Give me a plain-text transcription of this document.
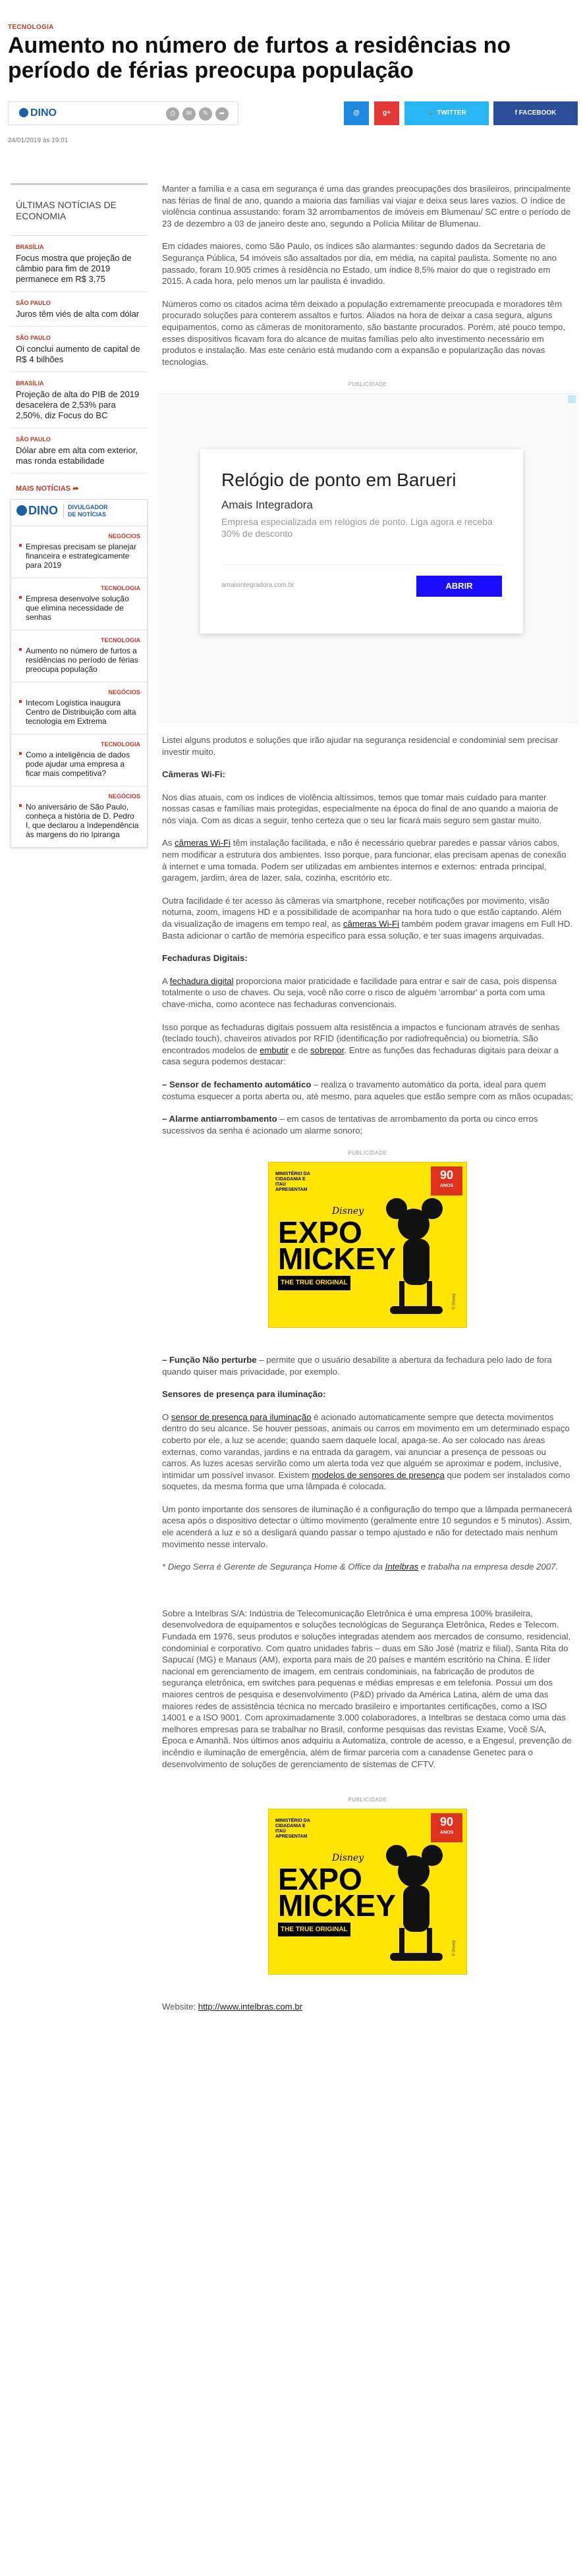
TECNOLOGIA
Aumento no número de furtos a residências no período de férias preocupa população
DINO	⎙	✉	✎	➦	@	g+	🐦 TWITTER	f FACEBOOK
24/01/2019 às 19:01
ÚLTIMAS NOTÍCIAS DE ECONOMIA
BRASÍLIA
Focus mostra que projeção de câmbio para fim de 2019 permanece em R$ 3,75
SÃO PAULO
Juros têm viés de alta com dólar
SÃO PAULO
Oi conclui aumento de capital de R$ 4 bilhões
BRASÍLIA
Projeção de alta do PIB de 2019 desacelera de 2,53% para 2,50%, diz Focus do BC
SÃO PAULO
Dólar abre em alta com exterior, mas ronda estabilidade
MAIS NOTÍCIAS ➦
DINO	DIVULGADOR DE NOTÍCIAS
NEGÓCIOS
Empresas precisam se planejar financeira e estrategicamente para 2019
TECNOLOGIA
Empresa desenvolve solução que elimina necessidade de senhas
TECNOLOGIA
Aumento no número de furtos a residências no período de férias preocupa população
NEGÓCIOS
Intecom Logística inaugura Centro de Distribuição com alta tecnologia em Extrema
TECNOLOGIA
Como a inteligência de dados pode ajudar uma empresa a ficar mais competitiva?
NEGÓCIOS
No aniversário de São Paulo, conheça a história de D. Pedro I, que declarou a Independência às margens do rio Ipiranga

Manter a família e a casa em segurança é uma das grandes preocupações dos brasileiros, principalmente nas férias de final de ano, quando a maioria das famílias vai viajar e deixa seus lares vazios. O índice de violência continua assustando: foram 32 arrombamentos de imóveis em Blumenau/ SC entre o período de 23 de dezembro a 03 de janeiro deste ano, segundo a Polícia Militar de Blumenau.

Em cidades maiores, como São Paulo, os índices são alarmantes: segundo dados da Secretaria de Segurança Pública, 54 imóveis são assaltados por dia, em média, na capital paulista. Somente no ano passado, foram 10.905 crimes à residência no Estado, um índice 8,5% maior do que o registrado em 2015. A cada hora, pelo menos um lar paulista é invadido.

Números como os citados acima têm deixado a população extremamente preocupada e moradores têm procurado soluções para conterem assaltos e furtos. Aliados na hora de deixar a casa segura, alguns equipamentos, como as câmeras de monitoramento, são bastante procurados. Porém, até pouco tempo, esses dispositivos ficavam fora do alcance de muitas famílias pelo alto investimento necessário em produtos e instalação. Mas este cenário está mudando com a expansão e popularização das novas tecnologias.

PUBLICIDADE
Relógio de ponto em Barueri
Amais Integradora
Empresa especializada em relógios de ponto. Liga agora e receba 30% de desconto
amaisintegradora.com.br	ABRIR

Listei alguns produtos e soluções que irão ajudar na segurança residencial e condominial sem precisar investir muito.

Câmeras Wi-Fi:

Nos dias atuais, com os índices de violência altíssimos, temos que tomar mais cuidado para manter nossas casas e famílias mais protegidas, especialmente na época do final de ano quando a maioria de nós viaja. Com as dicas a seguir, tenho certeza que o seu lar ficará mais seguro sem gastar muito.

As câmeras Wi-Fi têm instalação facilitada, e não é necessário quebrar paredes e passar vários cabos, nem modificar a estrutura dos ambientes. Isso porque, para funcionar, elas precisam apenas de conexão à internet e uma tomada. Podem ser utilizadas em ambientes internos e externos: entrada principal, garagem, jardim, área de lazer, sala, cozinha, escritório etc.

Outra facilidade é ter acesso às câmeras via smartphone, receber notificações por movimento, visão noturna, zoom, imagens HD e a possibilidade de acompanhar na hora tudo o que estão captando. Além da visualização de imagens em tempo real, as câmeras Wi-Fi também podem gravar imagens em Full HD. Basta adicionar o cartão de memória específico para essa solução, e ter suas imagens arquivadas.

Fechaduras Digitais:

A fechadura digital proporciona maior praticidade e facilidade para entrar e sair de casa, pois dispensa totalmente o uso de chaves. Ou seja, você não corre o risco de alguém 'arrombar' a porta com uma chave-micha, como acontece nas fechaduras convencionais.

Isso porque as fechaduras digitais possuem alta resistência a impactos e funcionam através de senhas (teclado touch), chaveiros ativados por RFID (identificação por radiofrequência) ou biometria. São encontrados modelos de embutir e de sobrepor. Entre as funções das fechaduras digitais para deixar a casa segura podemos destacar:

– Sensor de fechamento automático – realiza o travamento automático da porta, ideal para quem costuma esquecer a porta aberta ou, até mesmo, para aqueles que estão sempre com as mãos ocupadas;

– Alarme antiarrombamento – em casos de tentativas de arrombamento da porta ou cinco erros sucessivos da senha é acionado um alarme sonoro;

PUBLICIDADE
MINISTÉRIO DA CIDADANIA E ITAÚ APRESENTAM
90
ANOS
Disney
EXPO
MICKEY
THE TRUE ORIGINAL
© Disney

– Função Não perturbe – permite que o usuário desabilite a abertura da fechadura pelo lado de fora quando quiser mais privacidade, por exemplo.

Sensores de presença para iluminação:

O sensor de presença para iluminação é acionado automaticamente sempre que detecta movimentos dentro do seu alcance. Se houver pessoas, animais ou carros em movimento em um determinado espaço coberto por ele, a luz se acende; quando saem daquele local, apaga-se. Ao ser colocado nas áreas externas, como varandas, jardins e na entrada da garagem, vai anunciar a presença de pessoas ou carros. As luzes acesas servirão como um alerta toda vez que alguém se aproximar e podem, inclusive, intimidar um possível invasor. Existem modelos de sensores de presença que podem ser instalados como soquetes, da mesma forma que uma lâmpada é colocada.

Um ponto importante dos sensores de iluminação é a configuração do tempo que a lâmpada permanecerá acesa após o dispositivo detectar o último movimento (geralmente entre 10 segundos e 5 minutos). Assim, ele acenderá a luz e só a desligará quando passar o tempo ajustado e não for detectado mais nenhum movimento nesse intervalo.

* Diego Serra é Gerente de Segurança Home & Office da Intelbras e trabalha na empresa desde 2007.

Sobre a Intelbras S/A: Indústria de Telecomunicação Eletrônica é uma empresa 100% brasileira, desenvolvedora de equipamentos e soluções tecnológicas de Segurança Eletrônica, Redes e Telecom. Fundada em 1976, seus produtos e soluções integradas atendem aos mercados de consumo, residencial, condominial e corporativo. Com quatro unidades fabris – duas em São José (matriz e filial), Santa Rita do Sapucaí (MG) e Manaus (AM), exporta para mais de 20 países e mantém escritório na China. É líder nacional em gerenciamento de imagem, em centrais condominiais, na fabricação de produtos de segurança eletrônica, em switches para pequenas e médias empresas e em telefonia. Possui um dos maiores centros de pesquisa e desenvolvimento (P&D) privado da América Latina, além de uma das maiores redes de assistência técnica no mercado brasileiro e importantes certificações, como a ISO 14001 e a ISO 9001. Com aproximadamente 3.000 colaboradores, a Intelbras se destaca como uma das melhores empresas para se trabalhar no Brasil, conforme pesquisas das revistas Exame, Você S/A, Época e Amanhã. Nos últimos anos adquiriu a Automatiza, controle de acesso, e a Engesul, prevenção de incêndio e iluminação de emergência, além de firmar parceria com a canadense Genetec para o desenvolvimento de soluções de gerenciamento de sistemas de CFTV.

PUBLICIDADE
MINISTÉRIO DA CIDADANIA E ITAÚ APRESENTAM
90
ANOS
Disney
EXPO
MICKEY
THE TRUE ORIGINAL
© Disney

Website: http://www.intelbras.com.br
